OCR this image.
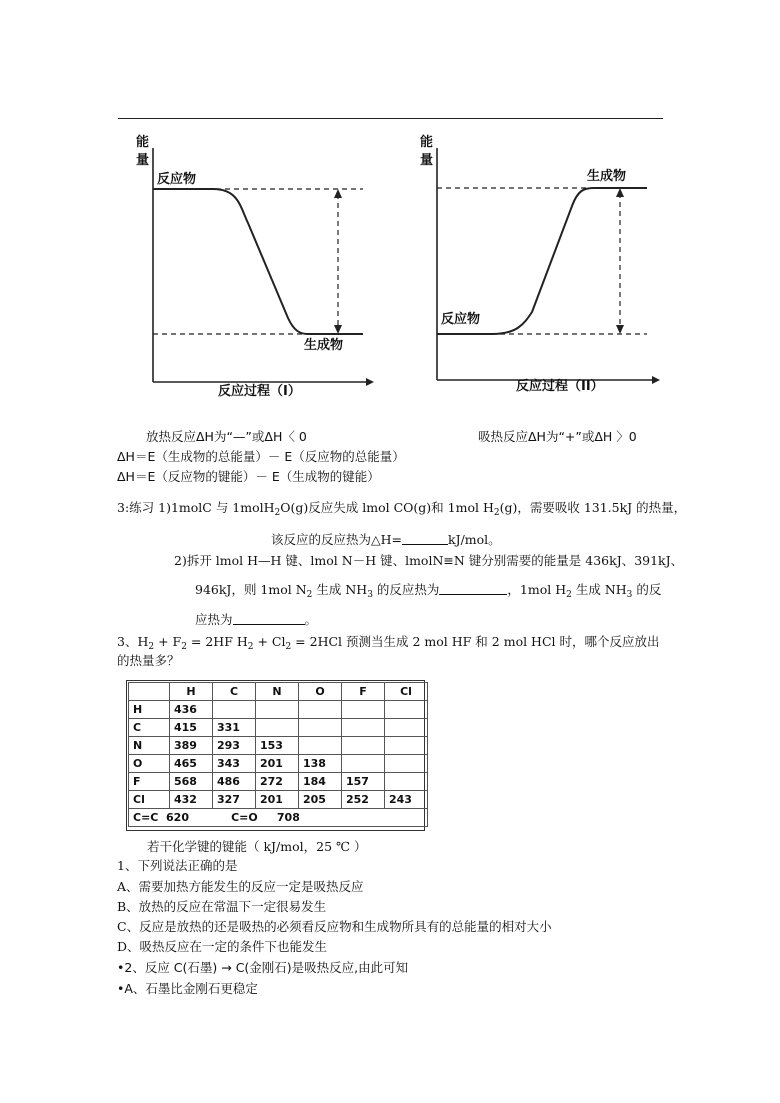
能
量
反应物
生成物
反应过程（I）
能
量
生成物
反应物
反应过程（II）
放热反应ΔH为“—”或ΔH〈 0	吸热反应ΔH为“+”或ΔH 〉0
ΔH＝E（生成物的总能量）－ E（反应物的总能量）
ΔH＝E（反应物的键能）－ E（生成物的键能）
3:练习 1)1molC 与 1molH$_2$O(g)反应失成 lmol CO(g)和 1mol $H_2(g)$，需要吸收 131.5kJ 的热量，
该反应的反应热为△H=	kJ/mol。
2)拆开 lmol H—H 键、lmol N－H 键、lmolN≡N 键分别需要的能量是 436kJ、391kJ、
946kJ，则 1mol $N_2$ 生成 $NH_3$ 的反应热为	，1mol $H_2$ 生成 $NH_3$ 的反
应热为	。
3、$H_2 + F_2 = 2HF$ $H_2 + Cl_2 = 2HCl$ 预测当生成 2 mol HF 和 2 mol HCl 时，哪个反应放出
的热量多？
	H	C	N	O	F	Cl
H	436					
C	415	331				
N	389	293	153			
O	465	343	201	138		
F	568	486	272	184	157	
Cl	432	327	201	205	252	243
C=C  620           C=O     708						
若干化学键的键能（ kJ/mol，25 ℃ ）
1、下列说法正确的是
A、需要加热方能发生的反应一定是吸热反应
B、放热的反应在常温下一定很易发生
C、反应是放热的还是吸热的必须看反应物和生成物所具有的总能量的相对大小
D、吸热反应在一定的条件下也能发生
•2、反应 C(石墨) → C(金刚石)是吸热反应,由此可知
•A、石墨比金刚石更稳定
